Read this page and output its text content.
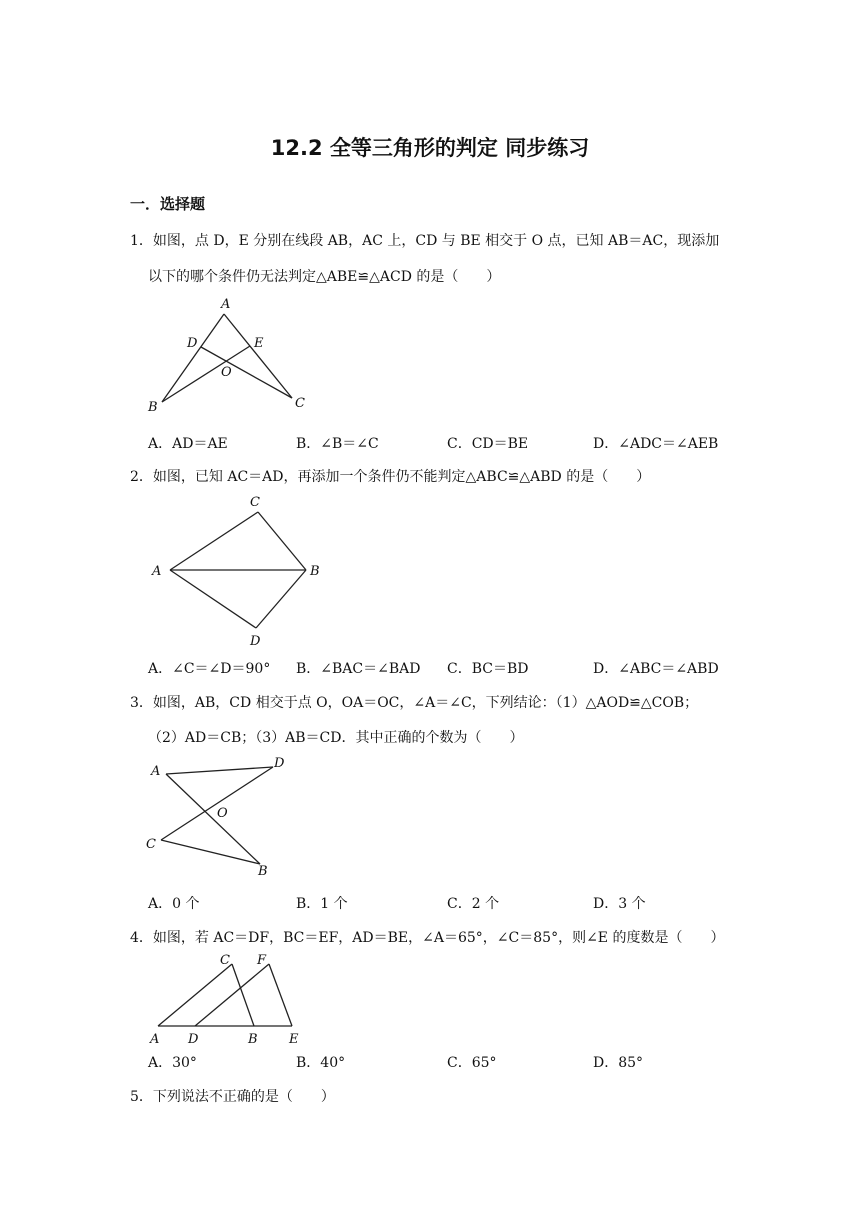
12.2 全等三角形的判定 同步练习
一．选择题
1．如图，点 D，E 分别在线段 AB，AC 上，CD 与 BE 相交于 O 点，已知 AB＝AC，现添加
以下的哪个条件仍无法判定△ABE≌△ACD 的是（　　）
A
D	E
O
B	C
A．AD＝AE	B．∠B＝∠C	C．CD＝BE	D．∠ADC＝∠AEB
2．如图，已知 AC＝AD，再添加一个条件仍不能判定△ABC≌△ABD 的是（　　）
C
A	B
D
A．∠C＝∠D＝90° B．∠BAC＝∠BAD C．BC＝BD	D．∠ABC＝∠ABD
3．如图，AB，CD 相交于点 O，OA＝OC，∠A＝∠C，下列结论：（1）△AOD≌△COB；
（2）AD＝CB；（3）AB＝CD．其中正确的个数为（　　）
A
D
O
C
B
A．0 个	B．1 个	C．2 个	D．3 个
4．如图，若 AC＝DF，BC＝EF，AD＝BE，∠A＝65°，∠C＝85°，则∠E 的度数是（　　）
C F
A D	B E
A．30°	B．40°	C．65°	D．85°
5．下列说法不正确的是（　　）
